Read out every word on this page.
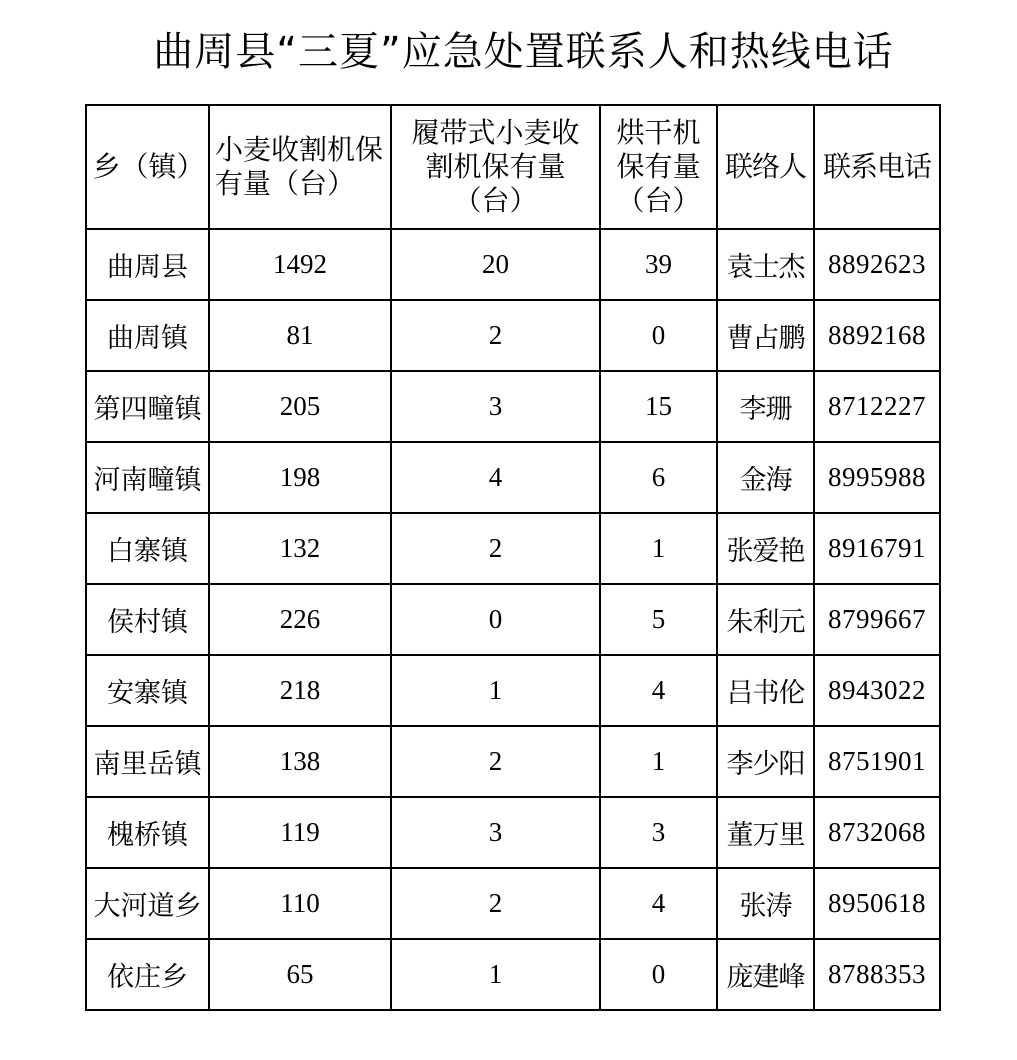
曲周县“三夏”应急处置联系人和热线电话
乡（镇）	小麦收割机保有量（台）	履带式小麦收割机保有量（台）	烘干机保有量（台）	联络人	联系电话
曲周县	1492	20	39	袁士杰	8892623
曲周镇	81	2	0	曹占鹏	8892168
第四疃镇	205	3	15	李珊	8712227
河南疃镇	198	4	6	金海	8995988
白寨镇	132	2	1	张爱艳	8916791
侯村镇	226	0	5	朱利元	8799667
安寨镇	218	1	4	吕书伦	8943022
南里岳镇	138	2	1	李少阳	8751901
槐桥镇	119	3	3	董万里	8732068
大河道乡	110	2	4	张涛	8950618
依庄乡	65	1	0	庞建峰	8788353
